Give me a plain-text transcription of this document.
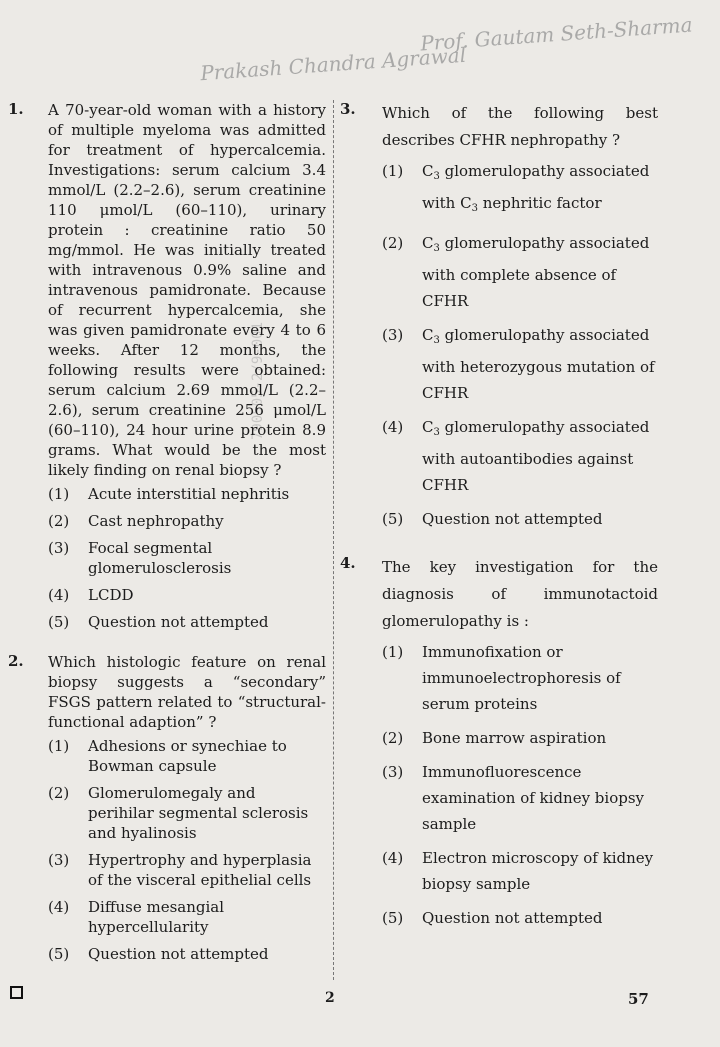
Prof. Gautam Seth-Sharma
Prakash Chandra Agrawal
790505-2/9-001
1. A 70-year-old woman with a history of multiple myeloma was admitted for treatment of hypercalcemia. Investigations: serum calcium 3.4 mmol/L (2.2–2.6), serum creatinine 110 μmol/L (60–110), urinary protein : creatinine ratio 50 mg/mmol. He was initially treated with intravenous 0.9% saline and intravenous pamidronate. Because of recurrent hypercalcemia, she was given pamidronate every 4 to 6 weeks. After 12 months, the following results were obtained: serum calcium 2.69 mmol/L (2.2–2.6), serum creatinine 256 μmol/L (60–110), 24 hour urine protein 8.9 grams. What would be the most likely finding on renal biopsy ?
(1) Acute interstitial nephritis
(2) Cast nephropathy
(3) Focal segmental glomerulosclerosis
(4) LCDD
(5) Question not attempted
2. Which histologic feature on renal biopsy suggests a “secondary” FSGS pattern related to “structural-functional adaption” ?
(1) Adhesions or synechiae to Bowman capsule
(2) Glomerulomegaly and perihilar segmental sclerosis and hyalinosis
(3) Hypertrophy and hyperplasia of the visceral epithelial cells
(4) Diffuse mesangial hypercellularity
(5) Question not attempted
3. Which of the following best describes CFHR nephropathy ?
(1) $C_3$ glomerulopathy associated with $C_3$ nephritic factor
(2) $C_3$ glomerulopathy associated with complete absence of CFHR
(3) $C_3$ glomerulopathy associated with heterozygous mutation of CFHR
(4) $C_3$ glomerulopathy associated with autoantibodies against CFHR
(5) Question not attempted
4. The key investigation for the diagnosis of immunotactoid glomerulopathy is :
(1) Immunofixation or immunoelectrophoresis of serum proteins
(2) Bone marrow aspiration
(3) Immunofluorescence examination of kidney biopsy sample
(4) Electron microscopy of kidney biopsy sample
(5) Question not attempted
2	57
